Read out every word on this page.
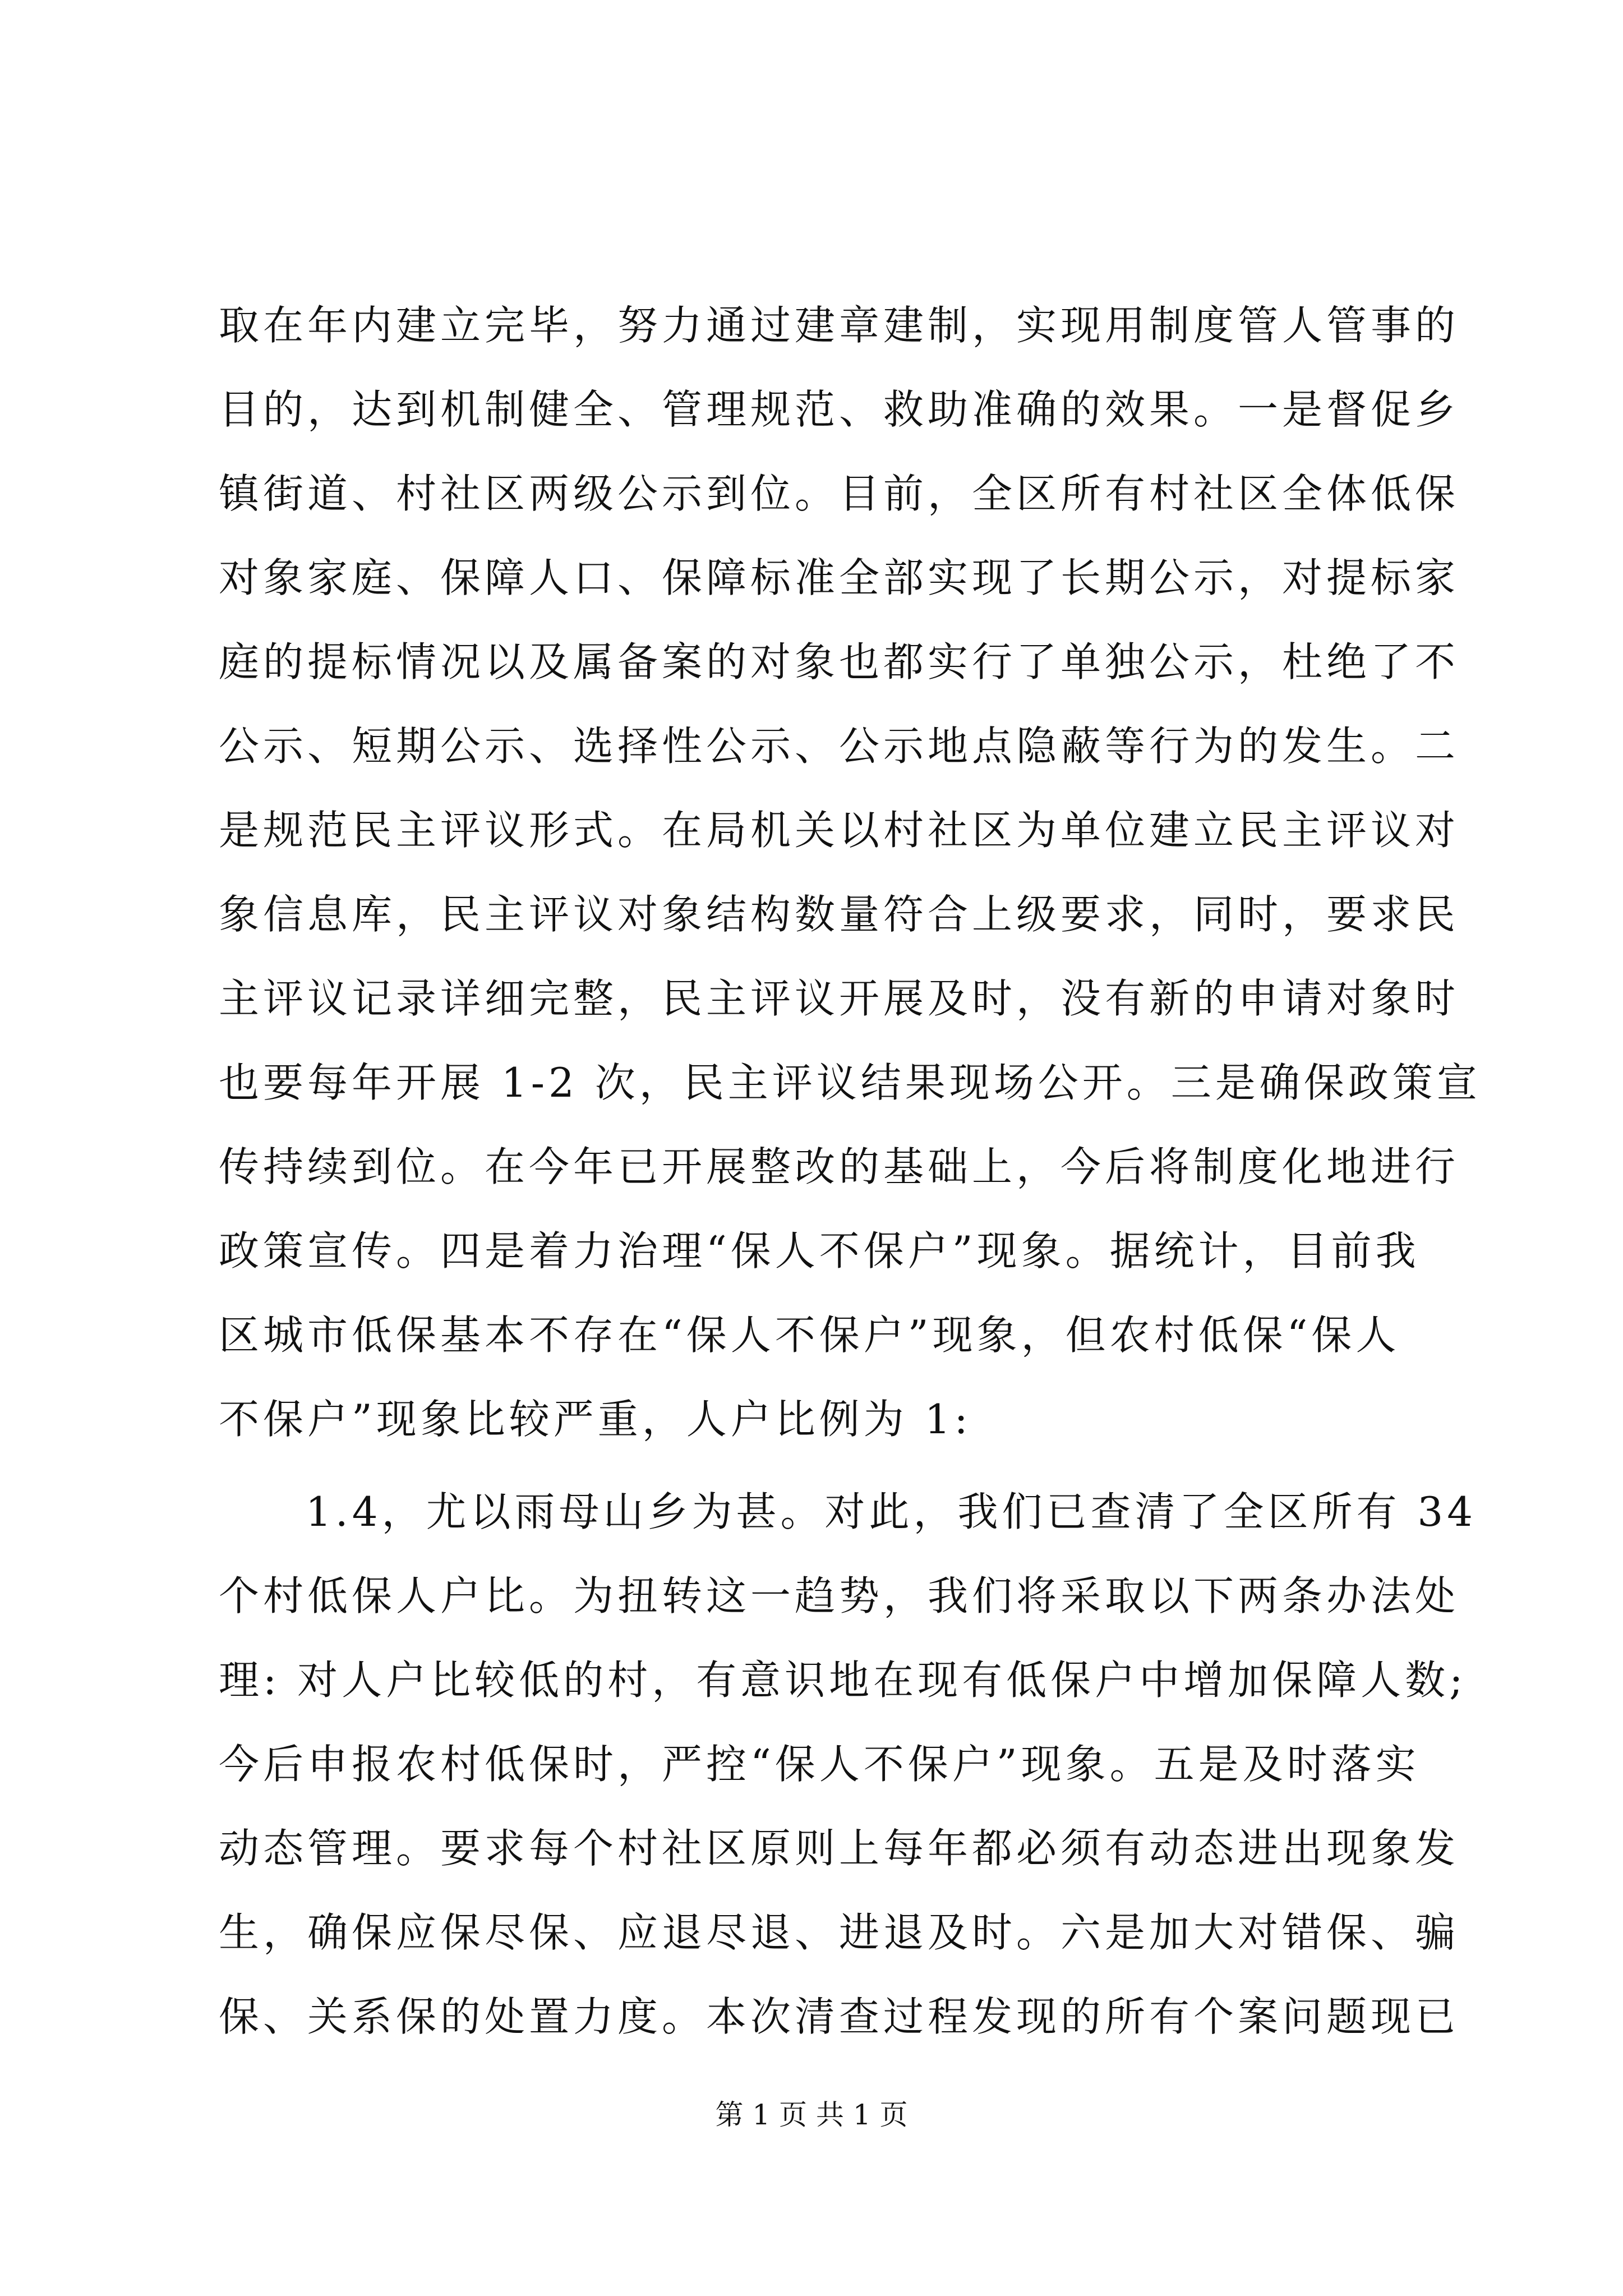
取在年内建立完毕，努力通过建章建制，实现用制度管人管事的
目的，达到机制健全、管理规范、救助准确的效果。一是督促乡
镇街道、村社区两级公示到位。目前，全区所有村社区全体低保
对象家庭、保障人口、保障标准全部实现了长期公示，对提标家
庭的提标情况以及属备案的对象也都实行了单独公示，杜绝了不
公示、短期公示、选择性公示、公示地点隐蔽等行为的发生。二
是规范民主评议形式。在局机关以村社区为单位建立民主评议对
象信息库，民主评议对象结构数量符合上级要求，同时，要求民
主评议记录详细完整，民主评议开展及时，没有新的申请对象时
也要每年开展 1-2 次，民主评议结果现场公开。三是确保政策宣
传持续到位。在今年已开展整改的基础上，今后将制度化地进行
政策宣传。四是着力治理“保人不保户”现象。据统计，目前我
区城市低保基本不存在“保人不保户”现象，但农村低保“保人
不保户”现象比较严重，人户比例为 1:
1.4，尤以雨母山乡为甚。对此，我们已查清了全区所有 34
个村低保人户比。为扭转这一趋势，我们将采取以下两条办法处
理: 对人户比较低的村，有意识地在现有低保户中增加保障人数;
今后申报农村低保时，严控“保人不保户”现象。五是及时落实
动态管理。要求每个村社区原则上每年都必须有动态进出现象发
生，确保应保尽保、应退尽退、进退及时。六是加大对错保、骗
保、关系保的处置力度。本次清查过程发现的所有个案问题现已
第 1 页 共 1 页
